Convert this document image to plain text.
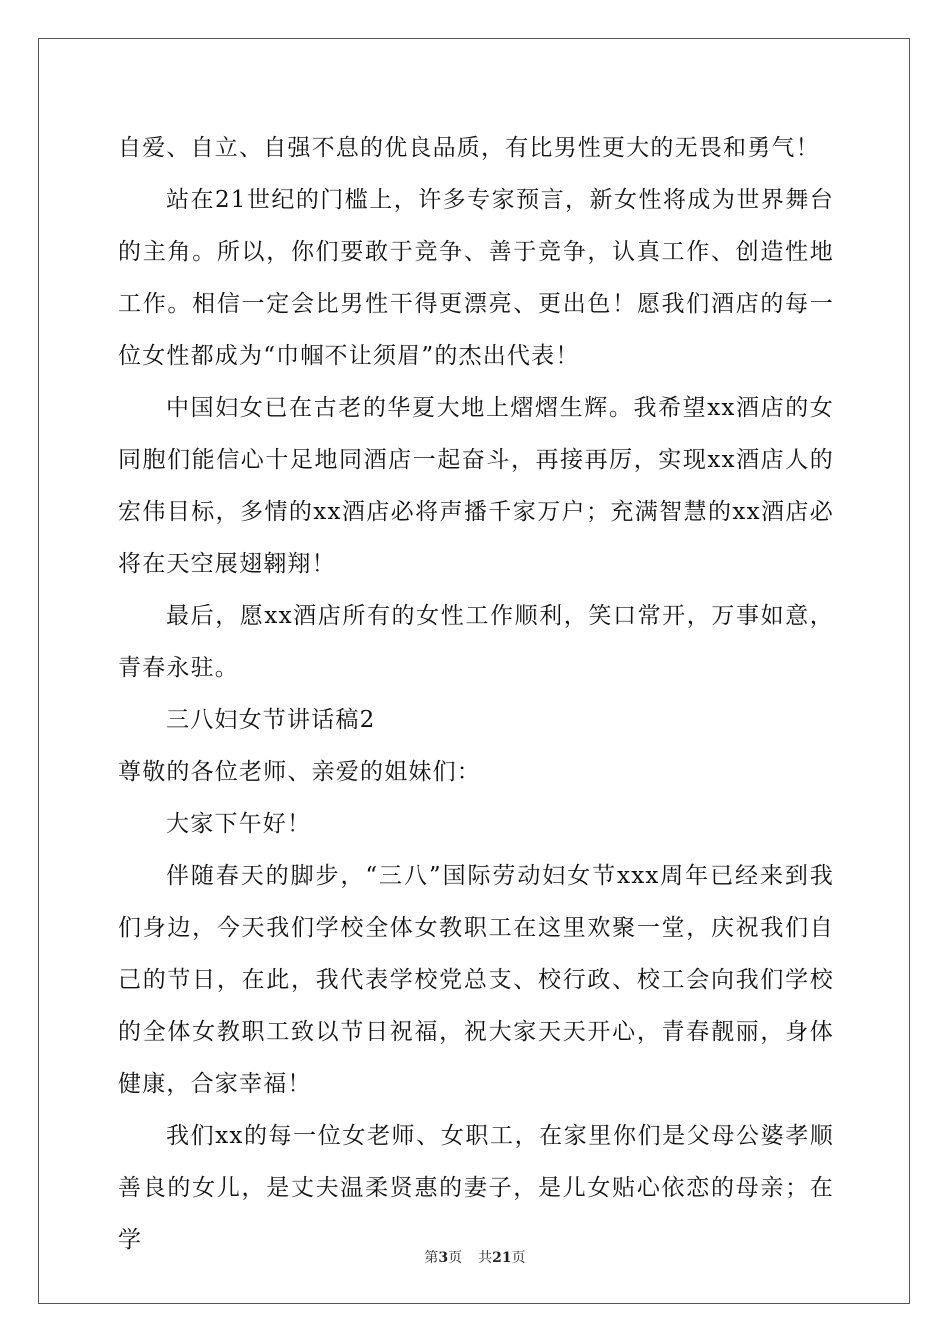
自爱、自立、自强不息的优良品质，有比男性更大的无畏和勇气！

站在21世纪的门槛上，许多专家预言，新女性将成为世界舞台的主角。所以，你们要敢于竞争、善于竞争，认真工作、创造性地工作。相信一定会比男性干得更漂亮、更出色！愿我们酒店的每一位女性都成为“巾帼不让须眉”的杰出代表！

中国妇女已在古老的华夏大地上熠熠生辉。我希望xx酒店的女同胞们能信心十足地同酒店一起奋斗，再接再厉，实现xx酒店人的宏伟目标，多情的xx酒店必将声播千家万户；充满智慧的xx酒店必将在天空展翅翱翔！

最后，愿xx酒店所有的女性工作顺利，笑口常开，万事如意，青春永驻。

三八妇女节讲话稿2

尊敬的各位老师、亲爱的姐妹们：

大家下午好！

伴随春天的脚步，“三八”国际劳动妇女节xxx周年已经来到我们身边，今天我们学校全体女教职工在这里欢聚一堂，庆祝我们自己的节日，在此，我代表学校党总支、校行政、校工会向我们学校的全体女教职工致以节日祝福，祝大家天天开心，青春靓丽，身体健康，合家幸福！

我们xx的每一位女老师、女职工，在家里你们是父母公婆孝顺善良的女儿，是丈夫温柔贤惠的妻子，是儿女贴心依恋的母亲；在学

第3页 共21页
